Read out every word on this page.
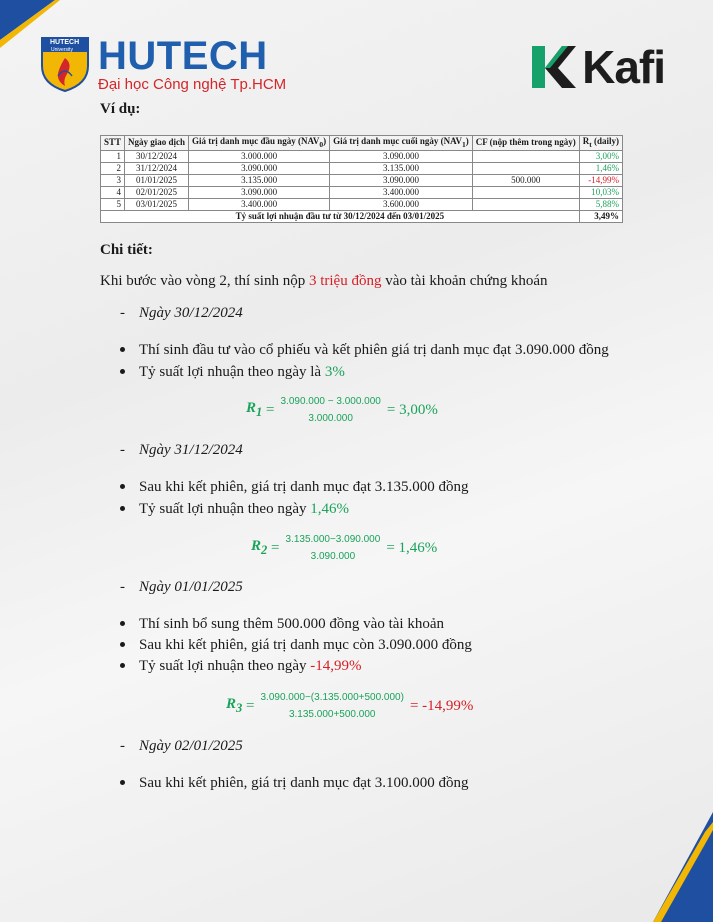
HUTECH
University HUTECH
Đại học Công nghệ Tp.HCM	Kafi
Ví dụ:
STT	Ngày giao dịch	Giá trị danh mục đầu ngày $(NAV_0)$	Giá trị danh mục cuối ngày $(NAV_1)$	CF (nộp thêm trong ngày)	$R_t$ (daily)
1	30/12/2024	3.000.000	3.090.000		3,00%
2	31/12/2024	3.090.000	3.135.000		1,46%
3	01/01/2025	3.135.000	3.090.000	500.000	-14,99%
4	02/01/2025	3.090.000	3.400.000		10,03%
5	03/01/2025	3.400.000	3.600.000		5,88%
Tỷ suất lợi nhuận đầu tư từ 30/12/2024 đến 03/01/2025					3,49%
Chi tiết:
Khi bước vào vòng 2, thí sinh nộp 3 triệu đồng vào tài khoản chứng khoán
- Ngày 30/12/2024
Thí sinh đầu tư vào cổ phiếu và kết phiên giá trị danh mục đạt 3.090.000 đồng
Tỷ suất lợi nhuận theo ngày là 3%
$R_1 = 3.090.000 - 3.000.000$
3.000.000
= 3,00%
- Ngày 31/12/2024
Sau khi kết phiên, giá trị danh mục đạt 3.135.000 đồng
Tỷ suất lợi nhuận theo ngày 1,46%
$R_2 = 3.135.000-3.090.000$
3.090.000
= 1,46%
- Ngày 01/01/2025
Thí sinh bổ sung thêm 500.000 đồng vào tài khoản
Sau khi kết phiên, giá trị danh mục còn 3.090.000 đồng
Tỷ suất lợi nhuận theo ngày -14,99%
$R_3 = 3.090.000-(3.135.000+500.000)$
3.135.000+500.000
= -14,99%
- Ngày 02/01/2025
Sau khi kết phiên, giá trị danh mục đạt 3.100.000 đồng
